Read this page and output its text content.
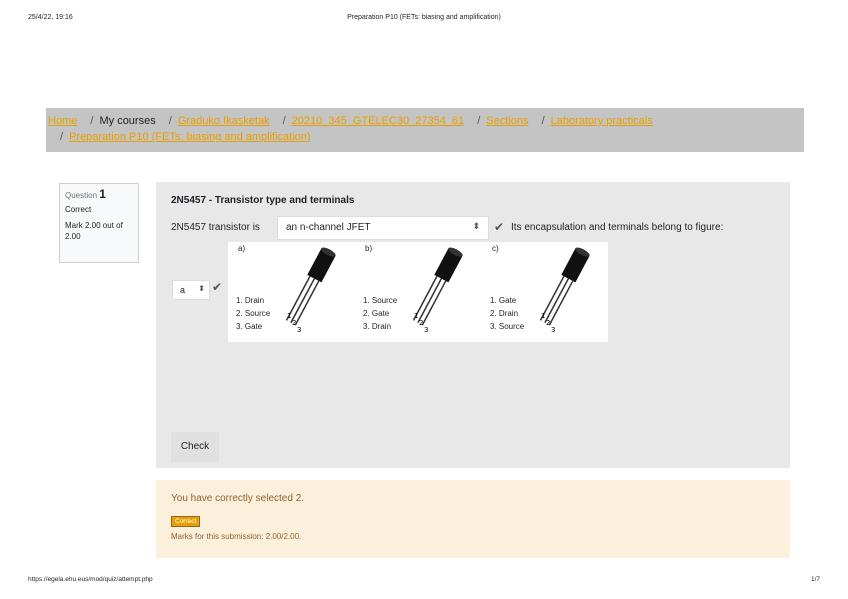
25/4/22, 19:16	Preparation P10 (FETs: biasing and amplification)
Home / My courses / Graduko Ikasketak / 20210_345_GTELEC30_27354_61 / Sections / Laboratory practicals
/ Preparation P10 (FETs: biasing and amplification)
Question 1
Correct
Mark 2.00 out of 2.00
2N5457 - Transistor type and terminals
2N5457 transistor is	an n-channel JFET	⬍ ✔ Its encapsulation and terminals belong to figure:
a)
1. Drain
2. Source
3. Gate
1
2
3
b)
1. Source
2. Gate
3. Drain
1
2
3
c)
1. Gate
2. Drain
3. Source
1
2
3
a ⬍ ✔
Check
You have correctly selected 2.
Correct
Marks for this submission: 2.00/2.00.
https://egela.ehu.eus/mod/quiz/attempt.php	1/7
